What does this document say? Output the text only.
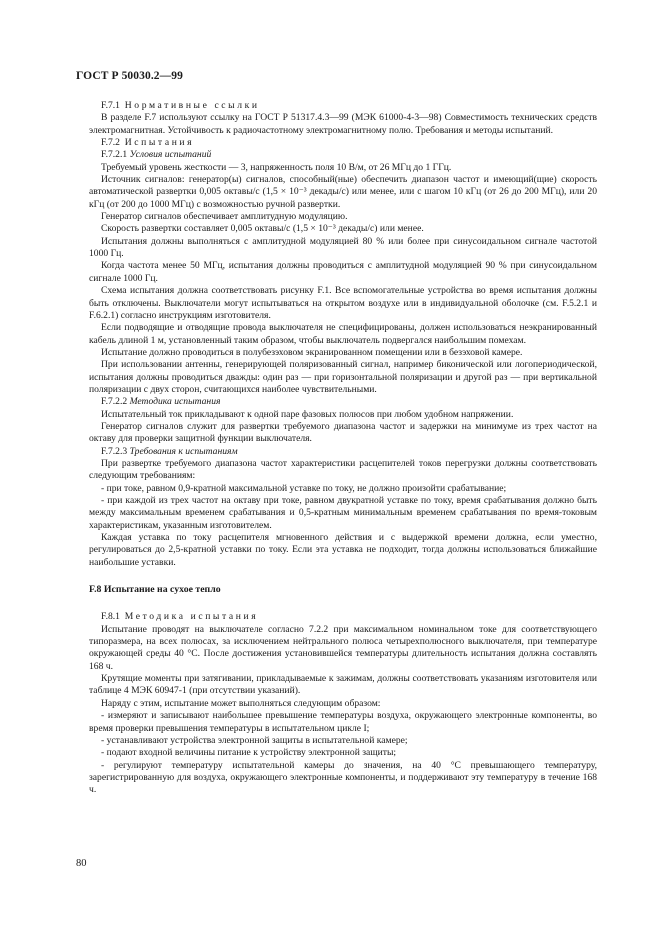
ГОСТ Р 50030.2—99

F.7.1 Нормативные ссылки

В разделе F.7 используют ссылку на ГОСТ Р 51317.4.3—99 (МЭК 61000-4-3—98) Совместимость технических средств электромагнитная. Устойчивость к радиочастотному электромагнитному полю. Требования и методы испытаний.

F.7.2 Испытания

F.7.2.1 Условия испытаний

Требуемый уровень жесткости — 3, напряженность поля 10 В/м, от 26 МГц до 1 ГГц.

Источник сигналов: генератор(ы) сигналов, способный(ные) обеспечить диапазон частот и имеющий(щие) скорость автоматической развертки 0,005 октавы/с (1,5 × 10⁻³ декады/с) или менее, или с шагом 10 кГц (от 26 до 200 МГц), или 20 кГц (от 200 до 1000 МГц) с возможностью ручной развертки.

Генератор сигналов обеспечивает амплитудную модуляцию.

Скорость развертки составляет 0,005 октавы/с (1,5 × 10⁻³ декады/с) или менее.

Испытания должны выполняться с амплитудной модуляцией 80 % или более при синусоидальном сигнале частотой 1000 Гц.

Когда частота менее 50 МГц, испытания должны проводиться с амплитудной модуляцией 90 % при синусоидальном сигнале 1000 Гц.

Схема испытания должна соответствовать рисунку F.1. Все вспомогательные устройства во время испытания должны быть отключены. Выключатели могут испытываться на открытом воздухе или в индивидуальной оболочке (см. F.5.2.1 и F.6.2.1) согласно инструкциям изготовителя.

Если подводящие и отводящие провода выключателя не специфицированы, должен использоваться неэкранированный кабель длиной 1 м, установленный таким образом, чтобы выключатель подвергался наибольшим помехам.

Испытание должно проводиться в полубезэховом экранированном помещении или в безэховой камере.

При использовании антенны, генерирующей поляризованный сигнал, например биконической или логопериодической, испытания должны проводиться дважды: один раз — при горизонтальной поляризации и другой раз — при вертикальной поляризации с двух сторон, считающихся наиболее чувствительными.

F.7.2.2 Методика испытания

Испытательный ток прикладывают к одной паре фазовых полюсов при любом удобном напряжении.

Генератор сигналов служит для развертки требуемого диапазона частот и задержки на минимуме из трех частот на октаву для проверки защитной функции выключателя.

F.7.2.3 Требования к испытаниям

При развертке требуемого диапазона частот характеристики расцепителей токов перегрузки должны соответствовать следующим требованиям:

- при токе, равном 0,9-кратной максимальной уставке по току, не должно произойти срабатывание;

- при каждой из трех частот на октаву при токе, равном двукратной уставке по току, время срабатывания должно быть между максимальным временем срабатывания и 0,5-кратным минимальным временем срабатывания по время-токовым характеристикам, указанным изготовителем.

Каждая уставка по току расцепителя мгновенного действия и с выдержкой времени должна, если уместно, регулироваться до 2,5-кратной уставки по току. Если эта уставка не подходит, тогда должны использоваться ближайшие наибольшие уставки.

F.8 Испытание на сухое тепло

F.8.1 Методика испытания

Испытание проводят на выключателе согласно 7.2.2 при максимальном номинальном токе для соответствующего типоразмера, на всех полюсах, за исключением нейтрального полюса четырехполюсного выключателя, при температуре окружающей среды 40 °С. После достижения установившейся температуры длительность испытания должна составлять 168 ч.

Крутящие моменты при затягивании, прикладываемые к зажимам, должны соответствовать указаниям изготовителя или таблице 4 МЭК 60947-1 (при отсутствии указаний).

Наряду с этим, испытание может выполняться следующим образом:

- измеряют и записывают наибольшее превышение температуры воздуха, окружающего электронные компоненты, во время проверки превышения температуры в испытательном цикле I;

- устанавливают устройства электронной защиты в испытательной камере;

- подают входной величины питание к устройству электронной защиты;

- регулируют температуру испытательной камеры до значения, на 40 °С превышающего температуру, зарегистрированную для воздуха, окружающего электронные компоненты, и поддерживают эту температуру в течение 168 ч.

80
